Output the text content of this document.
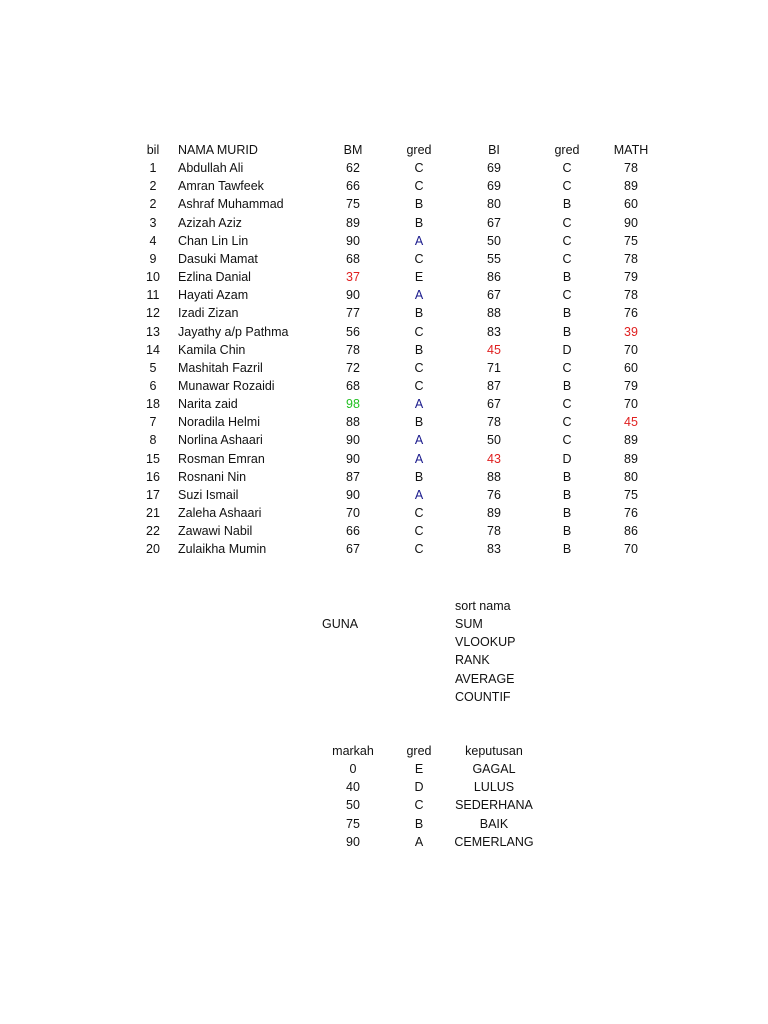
bil	NAMA MURID	BM	gred	BI	gred	MATH
1	Abdullah Ali	62	C	69	C	78
2	Amran Tawfeek	66	C	69	C	89
2	Ashraf Muhammad	75	B	80	B	60
3	Azizah Aziz	89	B	67	C	90
4	Chan Lin Lin	90	A	50	C	75
9	Dasuki Mamat	68	C	55	C	78
10	Ezlina Danial	37	E	86	B	79
11	Hayati Azam	90	A	67	C	78
12	Izadi Zizan	77	B	88	B	76
13	Jayathy a/p Pathma	56	C	83	B	39
14	Kamila Chin	78	B	45	D	70
5	Mashitah Fazril	72	C	71	C	60
6	Munawar Rozaidi	68	C	87	B	79
18	Narita zaid	98	A	67	C	70
7	Noradila Helmi	88	B	78	C	45
8	Norlina Ashaari	90	A	50	C	89
15	Rosman Emran	90	A	43	D	89
16	Rosnani Nin	87	B	88	B	80
17	Suzi Ismail	90	A	76	B	75
21	Zaleha Ashaari	70	C	89	B	76
22	Zawawi Nabil	66	C	78	B	86
20	Zulaikha Mumin	67	C	83	B	70
GUNA
sort nama
SUM
VLOOKUP
RANK
AVERAGE
COUNTIF
markah	gred	keputusan
0	E	GAGAL
40	D	LULUS
50	C	SEDERHANA
75	B	BAIK
90	A	CEMERLANG
